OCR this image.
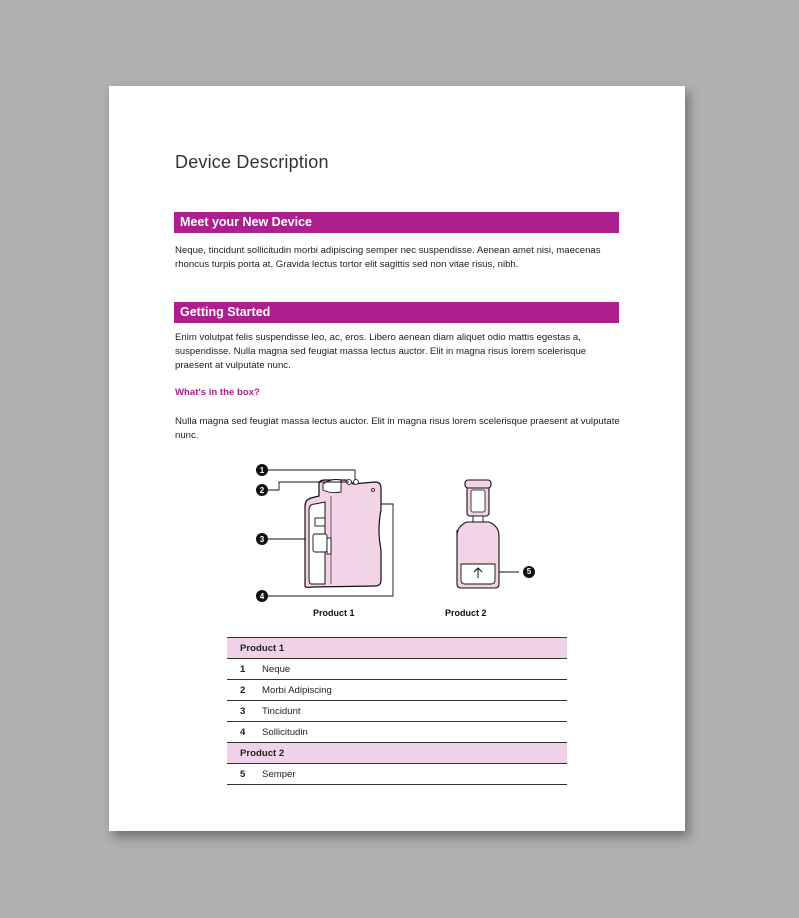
Device Description
Meet your New Device

Neque, tincidunt sollicitudin morbi adipiscing semper nec suspendisse. Aenean amet nisi, maecenas rhoncus turpis porta at. Gravida lectus tortor elit sagittis sed non vitae risus, nibh.

Getting Started

Enim volutpat felis suspendisse leo, ac, eros. Libero aenean diam aliquet odio mattis egestas a, suspendisse. Nulla magna sed feugiat massa lectus auctor. Elit in magna risus lorem scelerisque praesent at vulputate nunc.

What's in the box?

Nulla magna sed feugiat massa lectus auctor. Elit in magna risus lorem scelerisque praesent at vulputate nunc.

1
2
3
4
5
Product 1	Product 2
Product 1	
1	Neque
2	Morbi Adipiscing
3	Tincidunt
4	Sollicitudin
Product 2	
5	Semper
